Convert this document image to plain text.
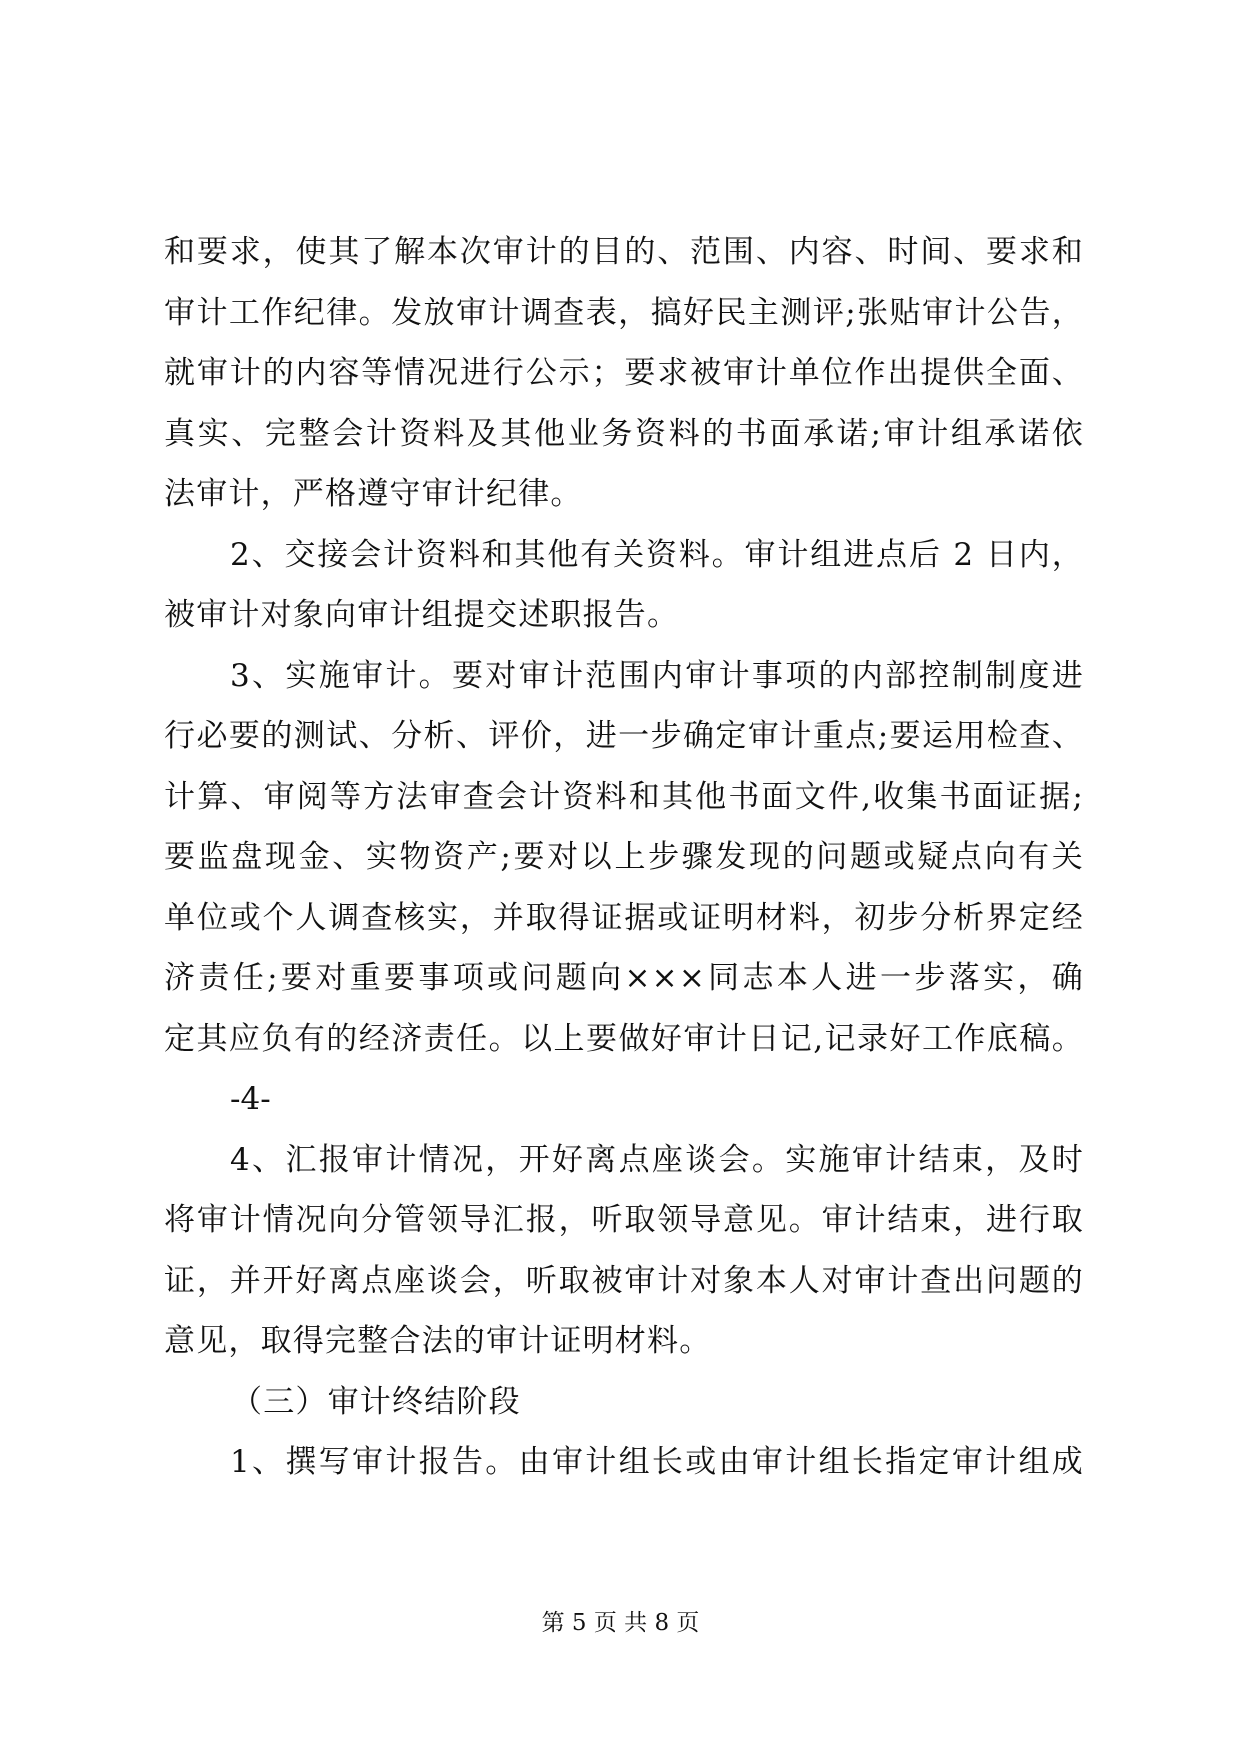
和要求，使其了解本次审计的目的、范围、内容、时间、要求和
审计工作纪律。发放审计调查表，搞好民主测评;张贴审计公告，
就审计的内容等情况进行公示；要求被审计单位作出提供全面、
真实、完整会计资料及其他业务资料的书面承诺;审计组承诺依
法审计，严格遵守审计纪律。
2、交接会计资料和其他有关资料。审计组进点后 2 日内，
被审计对象向审计组提交述职报告。
3、实施审计。要对审计范围内审计事项的内部控制制度进
行必要的测试、分析、评价，进一步确定审计重点;要运用检查、
计算、审阅等方法审查会计资料和其他书面文件,收集书面证据;
要监盘现金、实物资产;要对以上步骤发现的问题或疑点向有关
单位或个人调查核实，并取得证据或证明材料，初步分析界定经
济责任;要对重要事项或问题向×××同志本人进一步落实，确
定其应负有的经济责任。以上要做好审计日记,记录好工作底稿。
-4-
4、汇报审计情况，开好离点座谈会。实施审计结束，及时
将审计情况向分管领导汇报，听取领导意见。审计结束，进行取
证，并开好离点座谈会，听取被审计对象本人对审计查出问题的
意见，取得完整合法的审计证明材料。
（三）审计终结阶段
1、撰写审计报告。由审计组长或由审计组长指定审计组成
第 5 页 共 8 页
